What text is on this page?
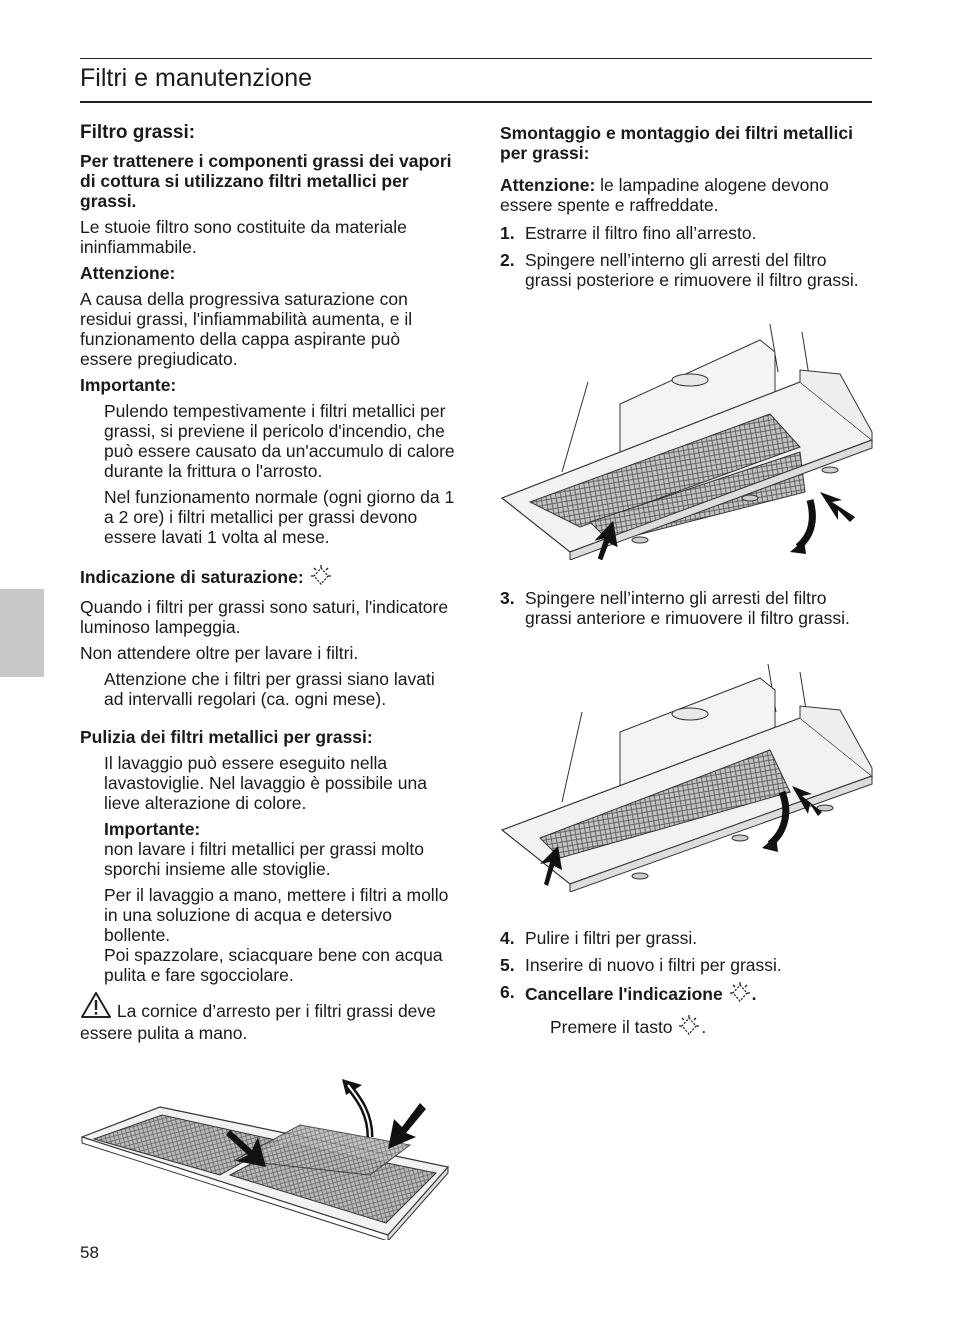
Filtri e manutenzione

Filtro grassi:

Per trattenere i componenti grassi dei vapori di cottura si utilizzano filtri metallici per grassi.

Le stuoie filtro sono costituite da materiale ininfiammabile.

Attenzione:

A causa della progressiva saturazione con residui grassi, l'infiammabilità aumenta, e il funzionamento della cappa aspirante può essere pregiudicato.

Importante:

Pulendo tempestivamente i filtri metallici per grassi, si previene il pericolo d'incendio, che può essere causato da un'accumulo di calore durante la frittura o l'arrosto.

Nel funzionamento normale (ogni giorno da 1 a 2 ore) i filtri metallici per grassi devono essere lavati 1 volta al mese.

Indicazione di saturazione:

Quando i filtri per grassi sono saturi, l'indicatore luminoso lampeggia.

Non attendere oltre per lavare i filtri.

Attenzione che i filtri per grassi siano lavati ad intervalli regolari (ca. ogni mese).

Pulizia dei filtri metallici per grassi:

Il lavaggio può essere eseguito nella lavastoviglie. Nel lavaggio è possibile una lieve alterazione di colore.

Importante:
non lavare i filtri metallici per grassi molto sporchi insieme alle stoviglie.
Per il lavaggio a mano, mettere i filtri a mollo in una soluzione di acqua e detersivo bollente.
Poi spazzolare, sciacquare bene con acqua pulita e fare sgocciolare.

La cornice d’arresto per i filtri grassi deve essere pulita a mano.

58

Smontaggio e montaggio dei filtri metallici per grassi:

Attenzione: le lampadine alogene devono essere spente e raffreddate.

1. Estrarre il filtro fino all’arresto.
2. Spingere nell’interno gli arresti del filtro grassi posteriore e rimuovere il filtro grassi.
3. Spingere nell’interno gli arresti del filtro grassi anteriore e rimuovere il filtro grassi.
4. Pulire i filtri per grassi.
5. Inserire di nuovo i filtri per grassi.
6. Cancellare l'indicazione .
Premere il tasto .
